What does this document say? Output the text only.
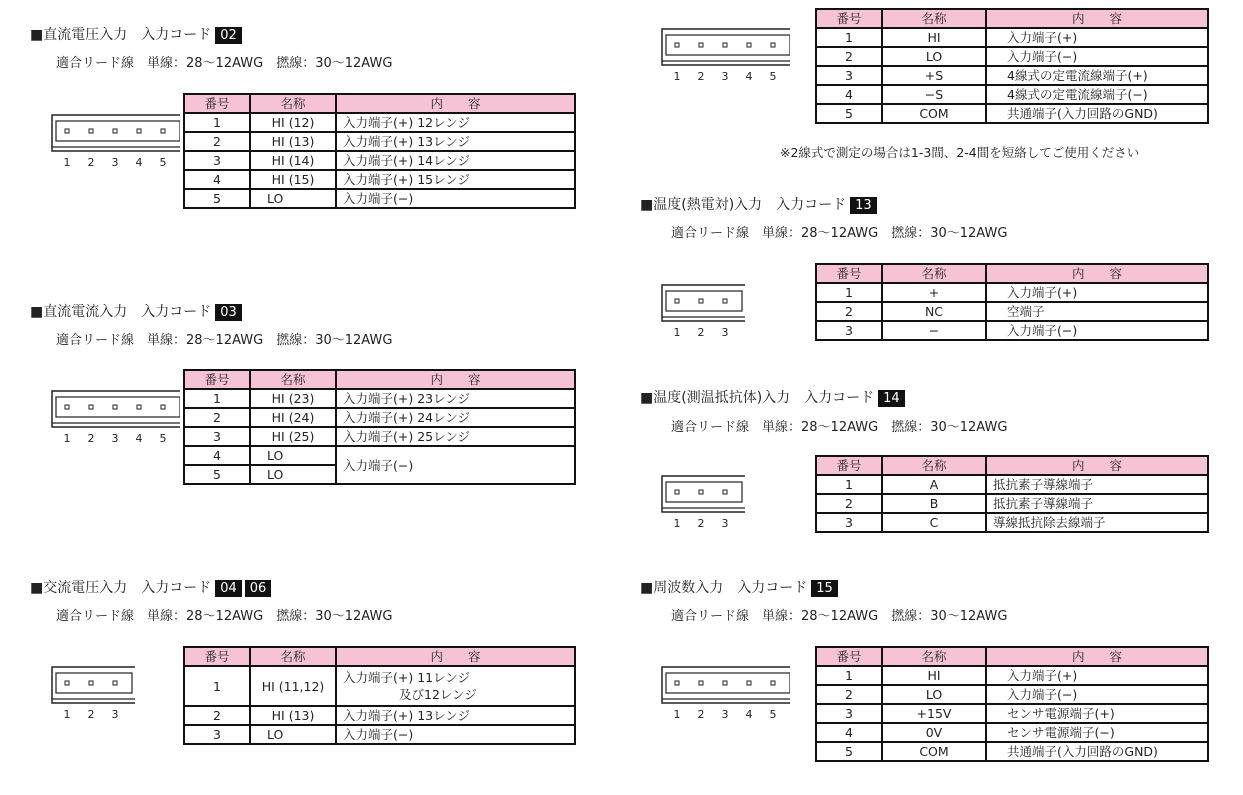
■直流電圧入力　入力コード 02
適合リード線　単線：28～12AWG　撚線：30～12AWG
1 2 3 4 5
番号	名称	内　　容
1	HI (12)	入力端子(+) 12レンジ
2	HI (13)	入力端子(+) 13レンジ
3	HI (14)	入力端子(+) 14レンジ
4	HI (15)	入力端子(+) 15レンジ
5	LO	入力端子(−)
■直流電流入力　入力コード 03
適合リード線　単線：28～12AWG　撚線：30～12AWG
1 2 3 4 5
番号	名称	内　　容
1	HI (23)	入力端子(+) 23レンジ
2	HI (24)	入力端子(+) 24レンジ
3	HI (25)	入力端子(+) 25レンジ
4	LO	入力端子(−)
5	LO	
■交流電圧入力　入力コード 04 06
適合リード線　単線：28～12AWG　撚線：30～12AWG
1 2 3
番号	名称	内　　容
1	HI (11,12)	入力端子(+) 11レンジ
及び12レンジ

2	HI (13)	入力端子(+) 13レンジ
3	LO	入力端子(−)
1 2 3 4 5
番号	名称	内　　容
1	HI	入力端子(+)
2	LO	入力端子(−)
3	+S	4線式の定電流線端子(+)
4	−S	4線式の定電流線端子(−)
5	COM	共通端子(入力回路のGND)
※2線式で測定の場合は1-3間、2-4間を短絡してご使用ください
■温度(熱電対)入力　入力コード 13
適合リード線　単線：28～12AWG　撚線：30～12AWG
1 2 3
番号	名称	内　　容
1	+	入力端子(+)
2	NC	空端子
3	−	入力端子(−)
■温度(測温抵抗体)入力　入力コード 14
適合リード線　単線：28～12AWG　撚線：30～12AWG
1 2 3
番号	名称	内　　容
1	A	抵抗素子導線端子
2	B	抵抗素子導線端子
3	C	導線抵抗除去線端子
■周波数入力　入力コード 15
適合リード線　単線：28～12AWG　撚線：30～12AWG
1 2 3 4 5
番号	名称	内　　容
1	HI	入力端子(+)
2	LO	入力端子(−)
3	+15V	センサ電源端子(+)
4	0V	センサ電源端子(−)
5	COM	共通端子(入力回路のGND)
